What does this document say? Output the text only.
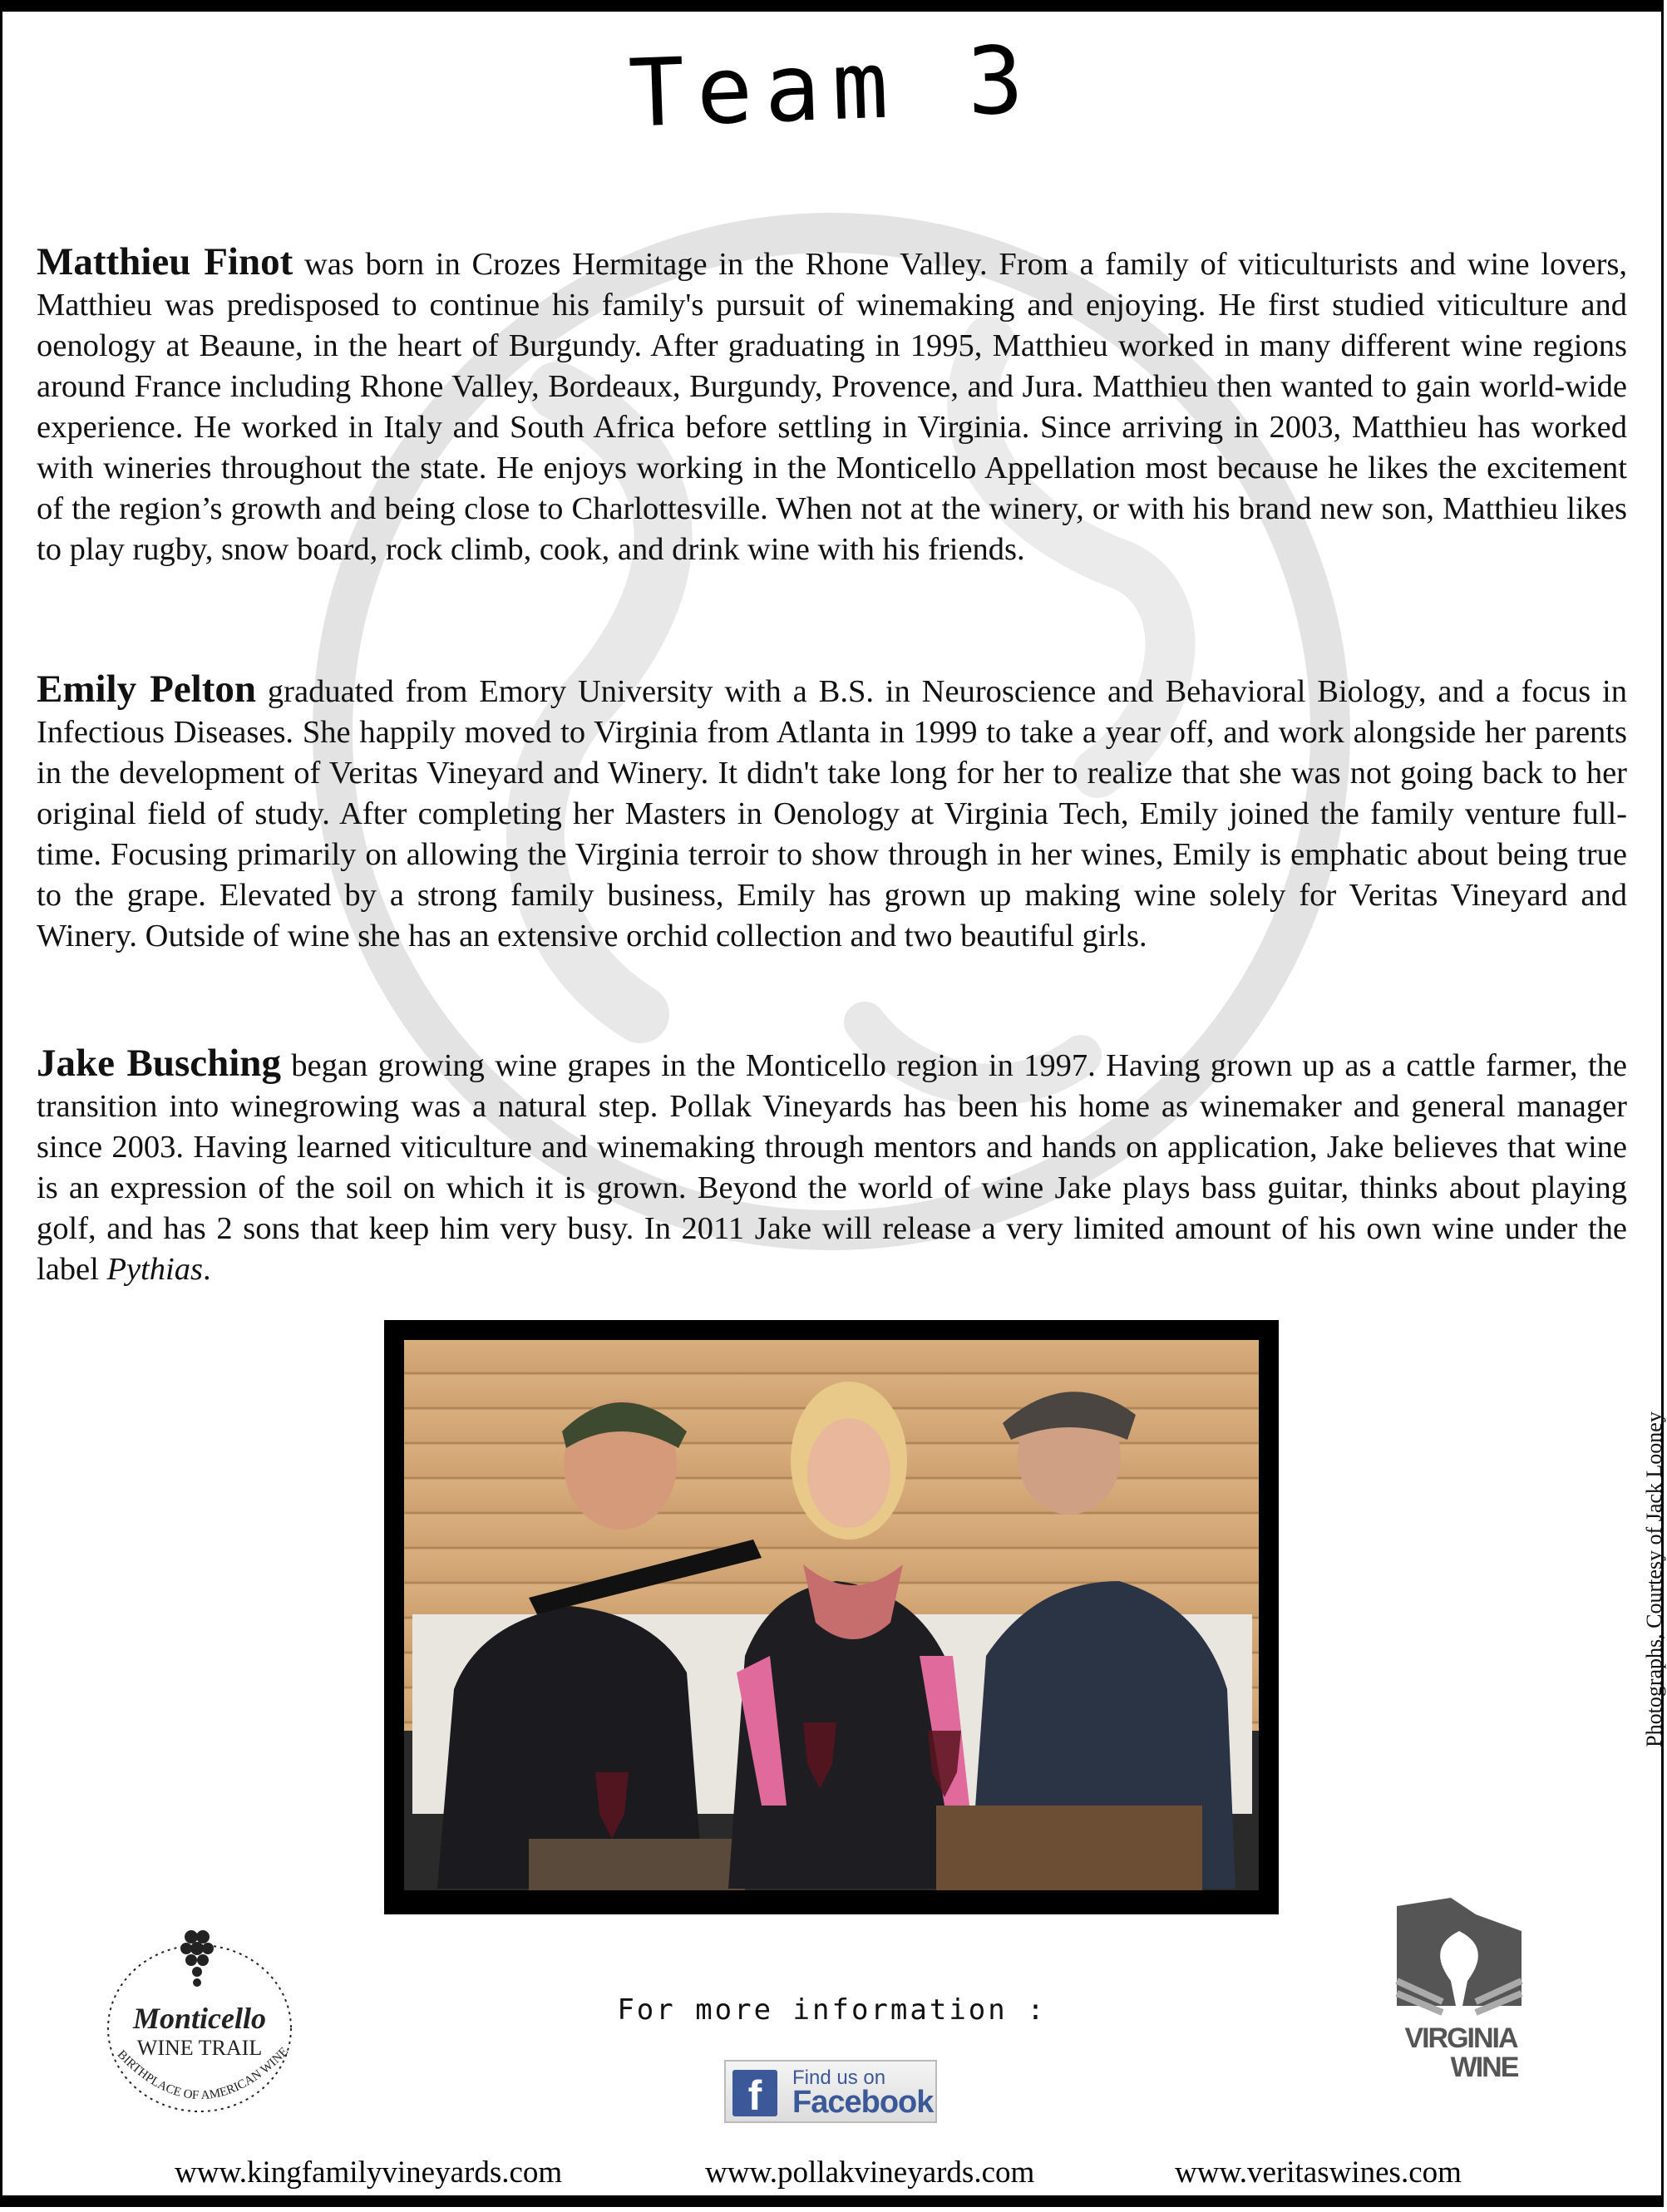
Team 3

Matthieu Finot was born in Crozes Hermitage in the Rhone Valley. From a family of viticulturists and wine lovers, Matthieu was predisposed to continue his family's pursuit of winemaking and enjoying. He first studied viticulture and oenology at Beaune, in the heart of Burgundy. After graduating in 1995, Matthieu worked in many different wine regions around France including Rhone Valley, Bordeaux, Burgundy, Provence, and Jura. Matthieu then wanted to gain world-wide experience. He worked in Italy and South Africa before settling in Virginia. Since arriving in 2003, Matthieu has worked with wineries throughout the state. He enjoys working in the Monticello Appellation most because he likes the excitement of the region’s growth and being close to Charlottesville. When not at the winery, or with his brand new son, Matthieu likes to play rugby, snow board, rock climb, cook, and drink wine with his friends.

Emily Pelton graduated from Emory University with a B.S. in Neuroscience and Behavioral Biology, and a focus in Infectious Diseases. She happily moved to Virginia from Atlanta in 1999 to take a year off, and work alongside her parents in the development of Veritas Vineyard and Winery. It didn't take long for her to realize that she was not going back to her original field of study. After completing her Masters in Oenology at Virginia Tech, Emily joined the family venture full-time. Focusing primarily on allowing the Virginia terroir to show through in her wines, Emily is emphatic about being true to the grape. Elevated by a strong family business, Emily has grown up making wine solely for Veritas Vineyard and Winery. Outside of wine she has an extensive orchid collection and two beautiful girls.

Jake Busching began growing wine grapes in the Monticello region in 1997. Having grown up as a cattle farmer, the transition into winegrowing was a natural step. Pollak Vineyards has been his home as winemaker and general manager since 2003. Having learned viticulture and winemaking through mentors and hands on application, Jake believes that wine is an expression of the soil on which it is grown. Beyond the world of wine Jake plays bass guitar, thinks about playing golf, and has 2 sons that keep him very busy. In 2011 Jake will release a very limited amount of his own wine under the label Pythias.

Photographs, Courtesy of Jack Looney
Monticello
WINE TRAIL
BIRTHPLACE OF AMERICAN WINE	VIRGINIA
WINE
For more information :
f	Find us on
Facebook
www.kingfamilyvineyards.com	www.pollakvineyards.com	www.veritaswines.com
